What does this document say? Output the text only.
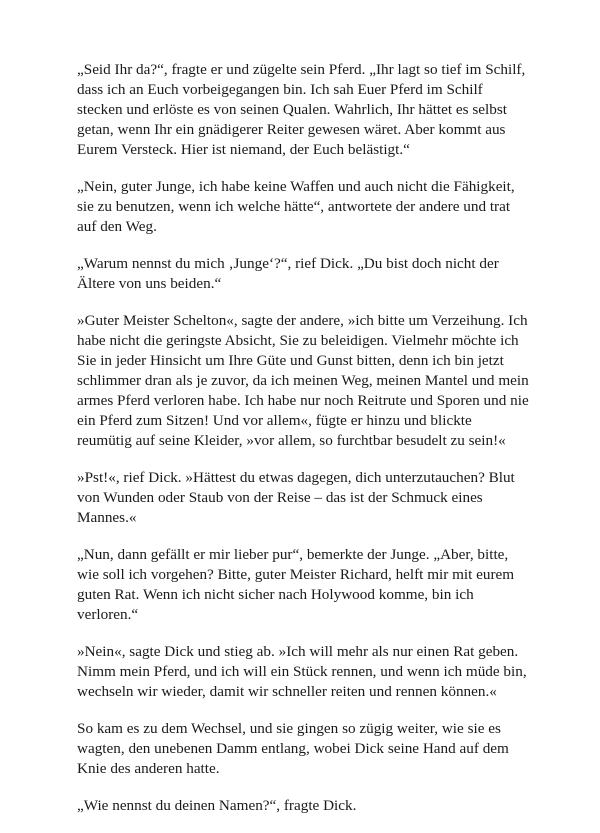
„Seid Ihr da?“, fragte er und zügelte sein Pferd. „Ihr lagt so tief im Schilf, dass ich an Euch vorbeigegangen bin. Ich sah Euer Pferd im Schilf stecken und erlöste es von seinen Qualen. Wahrlich, Ihr hättet es selbst getan, wenn Ihr ein gnädigerer Reiter gewesen wäret. Aber kommt aus Eurem Versteck. Hier ist niemand, der Euch belästigt.“

„Nein, guter Junge, ich habe keine Waffen und auch nicht die Fähigkeit, sie zu benutzen, wenn ich welche hätte“, antwortete der andere und trat auf den Weg.

„Warum nennst du mich ‚Junge‘?“, rief Dick. „Du bist doch nicht der Ältere von uns beiden.“

»Guter Meister Schelton«, sagte der andere, »ich bitte um Verzeihung. Ich habe nicht die geringste Absicht, Sie zu beleidigen. Vielmehr möchte ich Sie in jeder Hinsicht um Ihre Güte und Gunst bitten, denn ich bin jetzt schlimmer dran als je zuvor, da ich meinen Weg, meinen Mantel und mein armes Pferd verloren habe. Ich habe nur noch Reitrute und Sporen und nie ein Pferd zum Sitzen! Und vor allem«, fügte er hinzu und blickte reumütig auf seine Kleider, »vor allem, so furchtbar besudelt zu sein!«

»Pst!«, rief Dick. »Hättest du etwas dagegen, dich unterzutauchen? Blut von Wunden oder Staub von der Reise – das ist der Schmuck eines Mannes.«

„Nun, dann gefällt er mir lieber pur“, bemerkte der Junge. „Aber, bitte, wie soll ich vorgehen? Bitte, guter Meister Richard, helft mir mit eurem guten Rat. Wenn ich nicht sicher nach Holywood komme, bin ich verloren.“

»Nein«, sagte Dick und stieg ab. »Ich will mehr als nur einen Rat geben. Nimm mein Pferd, und ich will ein Stück rennen, und wenn ich müde bin, wechseln wir wieder, damit wir schneller reiten und rennen können.«

So kam es zu dem Wechsel, und sie gingen so zügig weiter, wie sie es wagten, den unebenen Damm entlang, wobei Dick seine Hand auf dem Knie des anderen hatte.

„Wie nennst du deinen Namen?“, fragte Dick.
